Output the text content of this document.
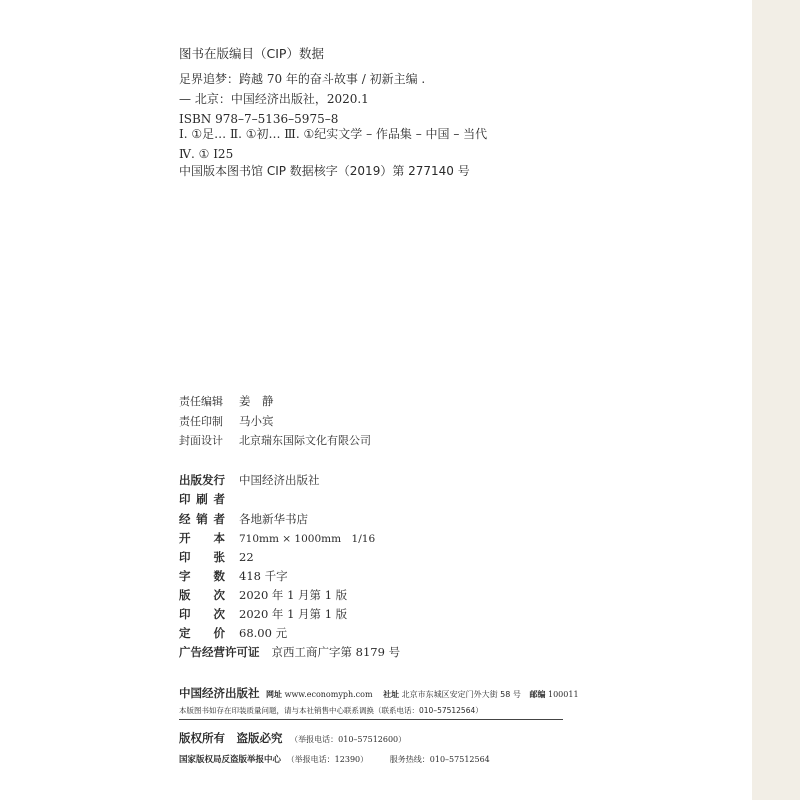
图书在版编目（CIP）数据
足界追梦：跨越 70 年的奋斗故事 / 初新主编 .
— 北京：中国经济出版社，2020.1
ISBN 978–7–5136–5975–8
Ⅰ. ①足… Ⅱ. ①初… Ⅲ. ①纪实文学 – 作品集 – 中国 – 当代
Ⅳ. ① I25
中国版本图书馆 CIP 数据核字（2019）第 277140 号
责任编辑 姜　静
责任印制 马小宾
封面设计 北京瑞东国际文化有限公司
出版发行 中国经济出版社
印 刷 者
经 销 者 各地新华书店
开 本 710mm × 1000mm　1/16
印 张 22
字 数 418 千字
版 次 2020 年 1 月第 1 版
印 次 2020 年 1 月第 1 版
定 价 68.00 元
广告经营许可证 京西工商广字第 8179 号
中国经济出版社 网址 www.economyph.com 社址 北京市东城区安定门外大街 58 号 邮编 100011
本版图书如存在印装质量问题，请与本社销售中心联系调换（联系电话：010–57512564）
版权所有　盗版必究 （举报电话：010–57512600）
国家版权局反盗版举报中心 （举报电话：12390）	服务热线：010–57512564
